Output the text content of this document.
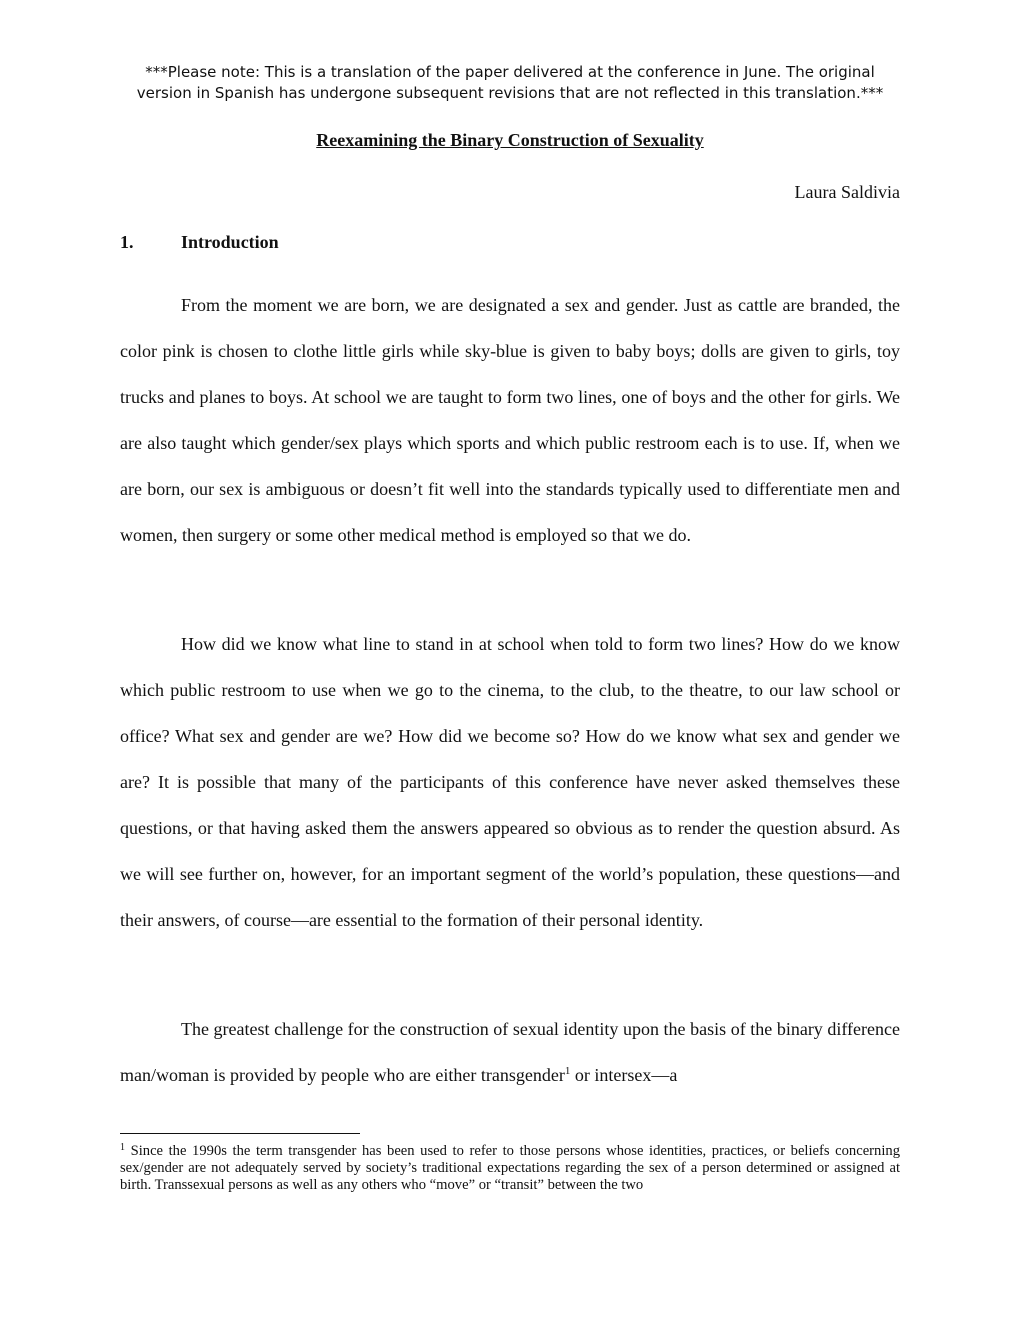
***Please note: This is a translation of the paper delivered at the conference in June. The original
version in Spanish has undergone subsequent revisions that are not reflected in this translation.***
Reexamining the Binary Construction of Sexuality
Laura Saldivia
1.	Introduction

From the moment we are born, we are designated a sex and gender. Just as cattle are branded, the color pink is chosen to clothe little girls while sky-blue is given to baby boys; dolls are given to girls, toy trucks and planes to boys. At school we are taught to form two lines, one of boys and the other for girls. We are also taught which gender/sex plays which sports and which public restroom each is to use. If, when we are born, our sex is ambiguous or doesn’t fit well into the standards typically used to differentiate men and women, then surgery or some other medical method is employed so that we do.

How did we know what line to stand in at school when told to form two lines? How do we know which public restroom to use when we go to the cinema, to the club, to the theatre, to our law school or office? What sex and gender are we? How did we become so? How do we know what sex and gender we are? It is possible that many of the participants of this conference have never asked themselves these questions, or that having asked them the answers appeared so obvious as to render the question absurd. As we will see further on, however, for an important segment of the world’s population, these questions—and their answers, of course—are essential to the formation of their personal identity.

The greatest challenge for the construction of sexual identity upon the basis of the binary difference man/woman is provided by people who are either transgender$^1$ or intersex—a

$^1$ Since the 1990s the term transgender has been used to refer to those persons whose identities, practices, or beliefs concerning sex/gender are not adequately served by society’s traditional expectations regarding the sex of a person determined or assigned at birth. Transsexual persons as well as any others who “move” or “transit” between the two
